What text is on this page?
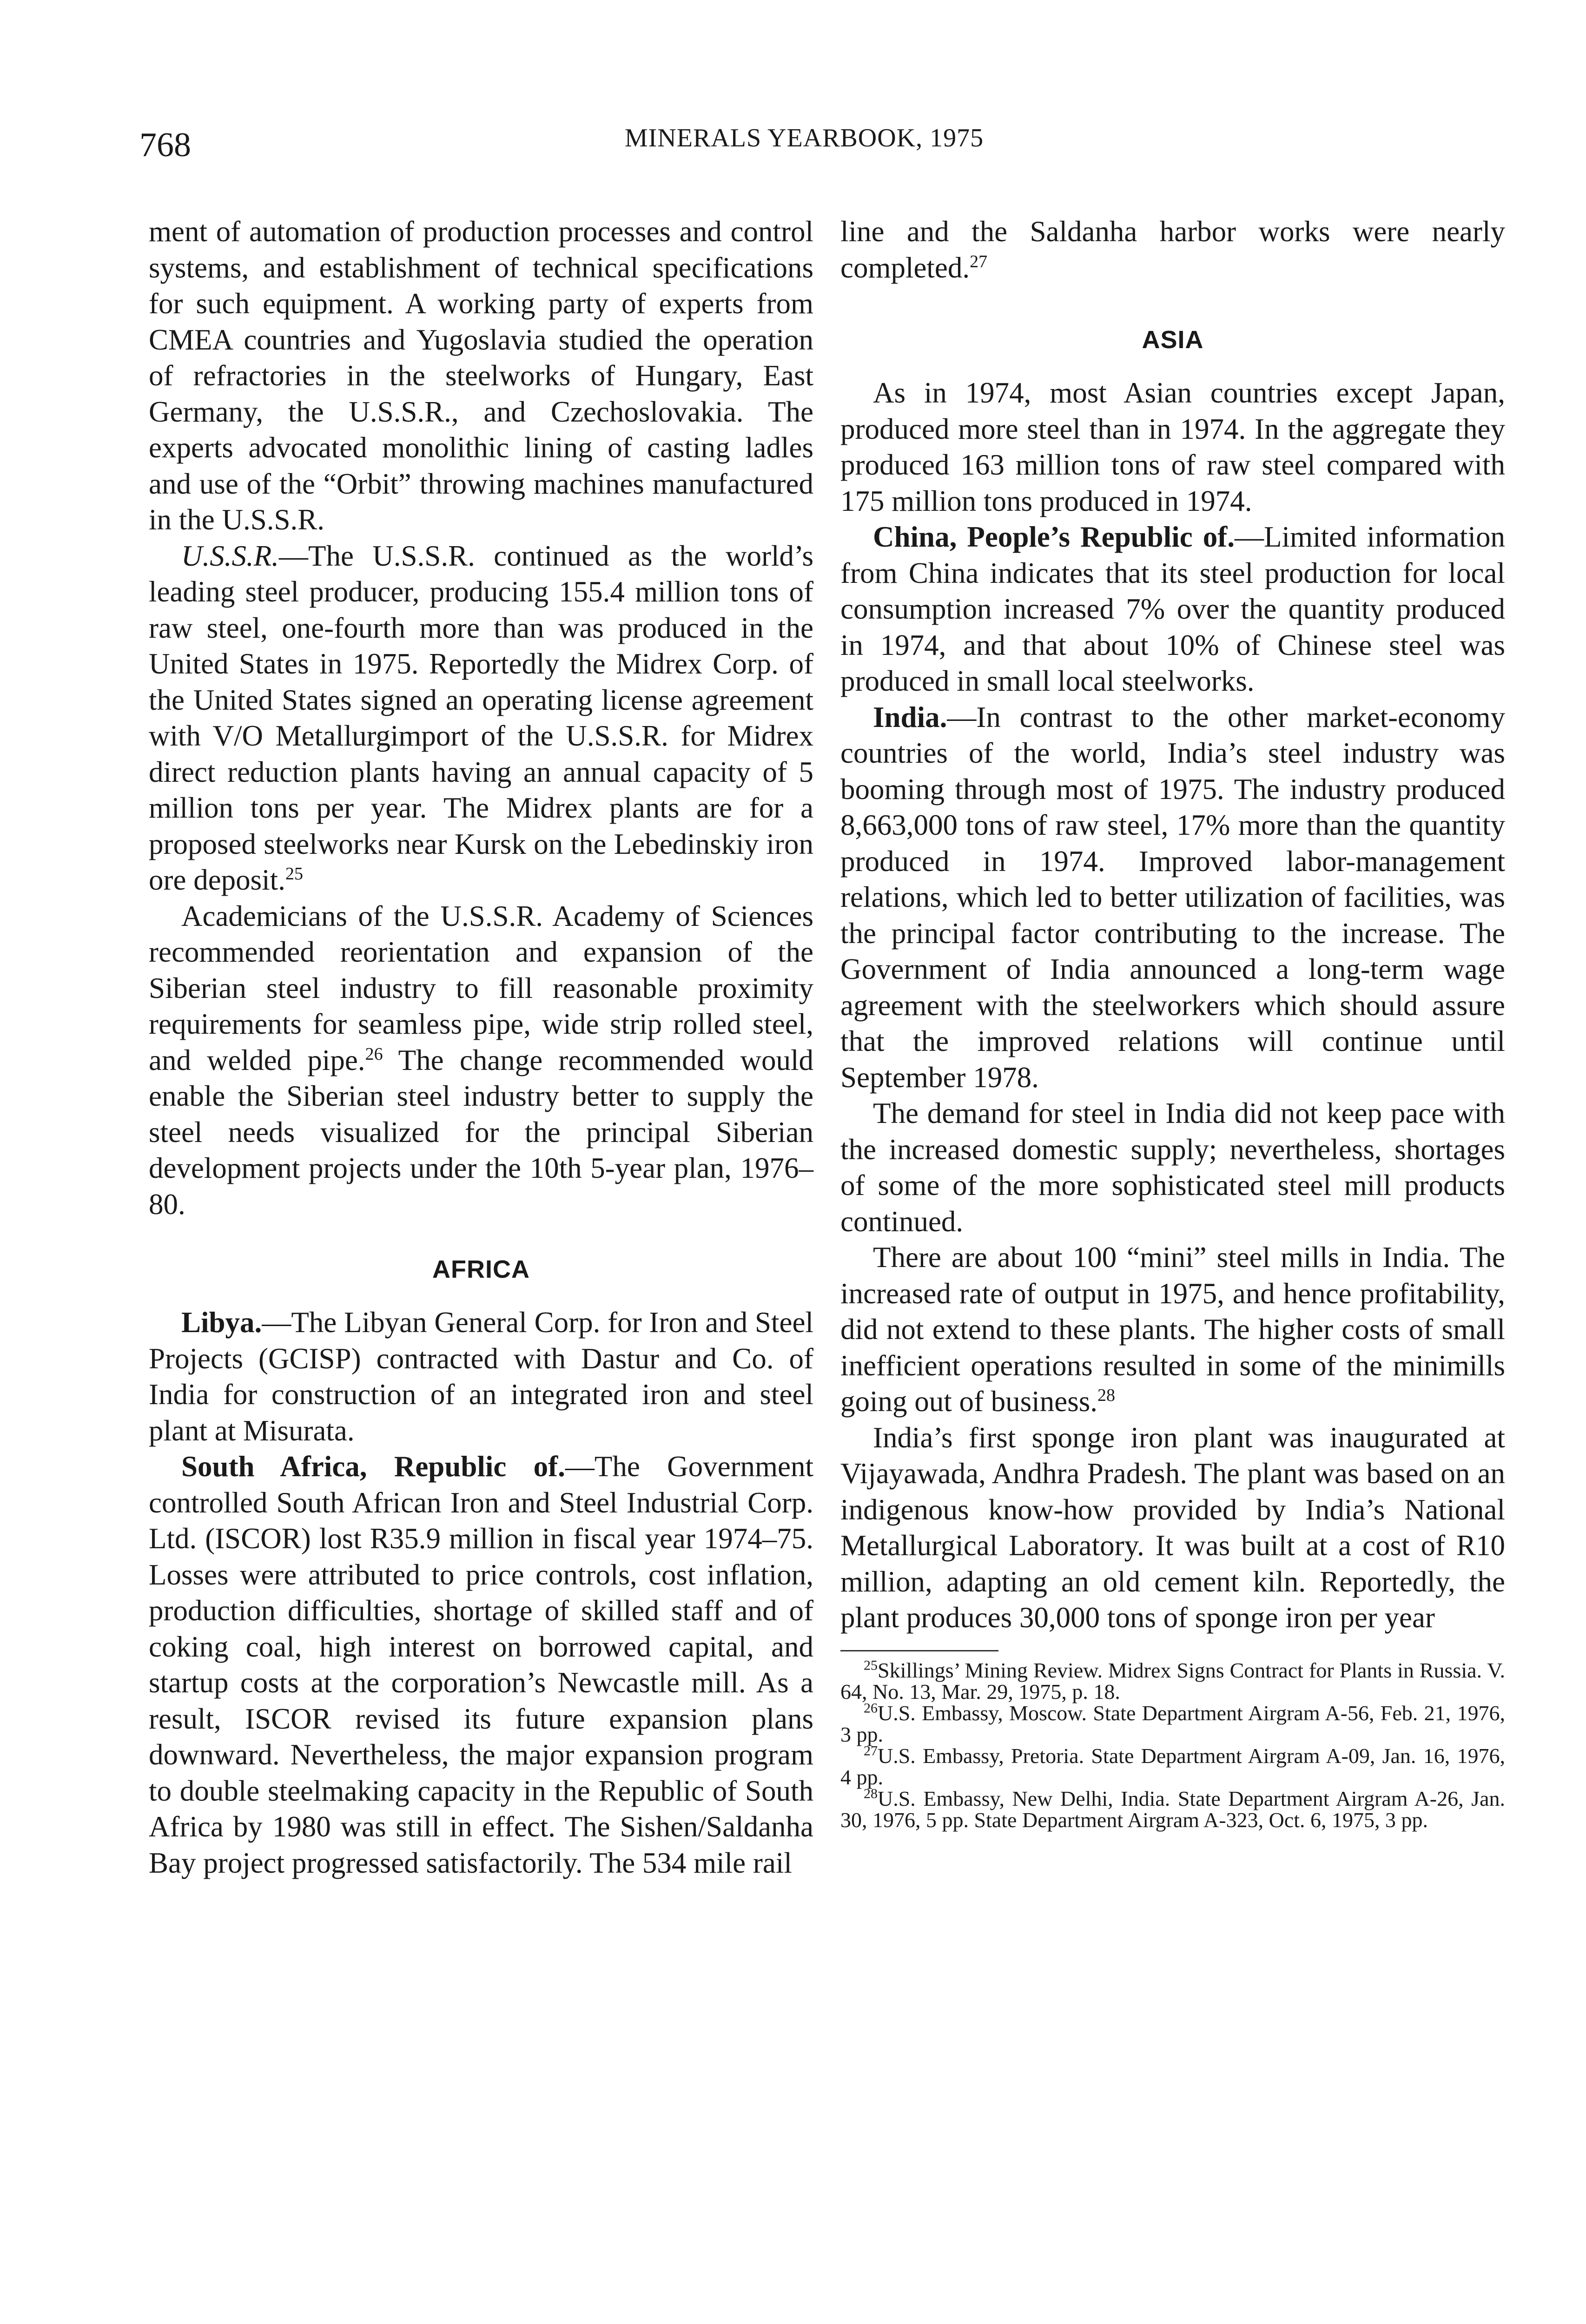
768	MINERALS YEARBOOK, 1975

ment of automation of production processes and control systems, and establishment of technical specifications for such equipment. A working party of experts from CMEA countries and Yugoslavia studied the operation of refractories in the steelworks of Hungary, East Germany, the U.S.S.R., and Czechoslovakia. The experts advocated monolithic lining of casting ladles and use of the “Orbit” throwing machines manufactured in the U.S.S.R.

U.S.S.R.—The U.S.S.R. continued as the world’s leading steel producer, producing 155.4 million tons of raw steel, one-fourth more than was produced in the United States in 1975. Reportedly the Midrex Corp. of the United States signed an operating license agreement with V/O Metallurgimport of the U.S.S.R. for Midrex direct reduction plants having an annual capacity of 5 million tons per year. The Midrex plants are for a proposed steelworks near Kursk on the Lebedinskiy iron ore deposit.$^{25}$

Academicians of the U.S.S.R. Academy of Sciences recommended reorientation and expansion of the Siberian steel industry to fill reasonable proximity requirements for seamless pipe, wide strip rolled steel, and welded pipe.$^{26}$ The change recommended would enable the Siberian steel industry better to supply the steel needs visualized for the principal Siberian development projects under the 10th 5-year plan, 1976–80.

AFRICA

Libya.—The Libyan General Corp. for Iron and Steel Projects (GCISP) contracted with Dastur and Co. of India for construction of an integrated iron and steel plant at Misurata.

South Africa, Republic of.—The Government controlled South African Iron and Steel Industrial Corp. Ltd. (ISCOR) lost R35.9 million in fiscal year 1974–75. Losses were attributed to price controls, cost inflation, production difficulties, shortage of skilled staff and of coking coal, high interest on borrowed capital, and startup costs at the corporation’s Newcastle mill. As a result, ISCOR revised its future expansion plans downward. Nevertheless, the major expansion program to double steelmaking capacity in the Republic of South Africa by 1980 was still in effect. The Sishen/Saldanha Bay project progressed satisfactorily. The 534 mile rail

line and the Saldanha harbor works were nearly completed.$^{27}$

ASIA

As in 1974, most Asian countries except Japan, produced more steel than in 1974. In the aggregate they produced 163 million tons of raw steel compared with 175 million tons produced in 1974.

China, People’s Republic of.—Limited information from China indicates that its steel production for local consumption increased 7% over the quantity produced in 1974, and that about 10% of Chinese steel was produced in small local steelworks.

India.—In contrast to the other market-economy countries of the world, India’s steel industry was booming through most of 1975. The industry produced 8,663,000 tons of raw steel, 17% more than the quantity produced in 1974. Improved labor-management relations, which led to better utilization of facilities, was the principal factor contributing to the increase. The Government of India announced a long-term wage agreement with the steelworkers which should assure that the improved relations will continue until September 1978.

The demand for steel in India did not keep pace with the increased domestic supply; nevertheless, shortages of some of the more sophisticated steel mill products continued.

There are about 100 “mini” steel mills in India. The increased rate of output in 1975, and hence profitability, did not extend to these plants. The higher costs of small inefficient operations resulted in some of the minimills going out of business.$^{28}$

India’s first sponge iron plant was inaugurated at Vijayawada, Andhra Pradesh. The plant was based on an indigenous know-how provided by India’s National Metallurgical Laboratory. It was built at a cost of R10 million, adapting an old cement kiln. Reportedly, the plant produces 30,000 tons of sponge iron per year

$^{25}$Skillings’ Mining Review. Midrex Signs Contract for Plants in Russia. V. 64, No. 13, Mar. 29, 1975, p. 18.

$^{26}$U.S. Embassy, Moscow. State Department Airgram A-56, Feb. 21, 1976, 3 pp.

$^{27}$U.S. Embassy, Pretoria. State Department Airgram A-09, Jan. 16, 1976, 4 pp.

$^{28}$U.S. Embassy, New Delhi, India. State Department Airgram A-26, Jan. 30, 1976, 5 pp. State Department Airgram A-323, Oct. 6, 1975, 3 pp.
